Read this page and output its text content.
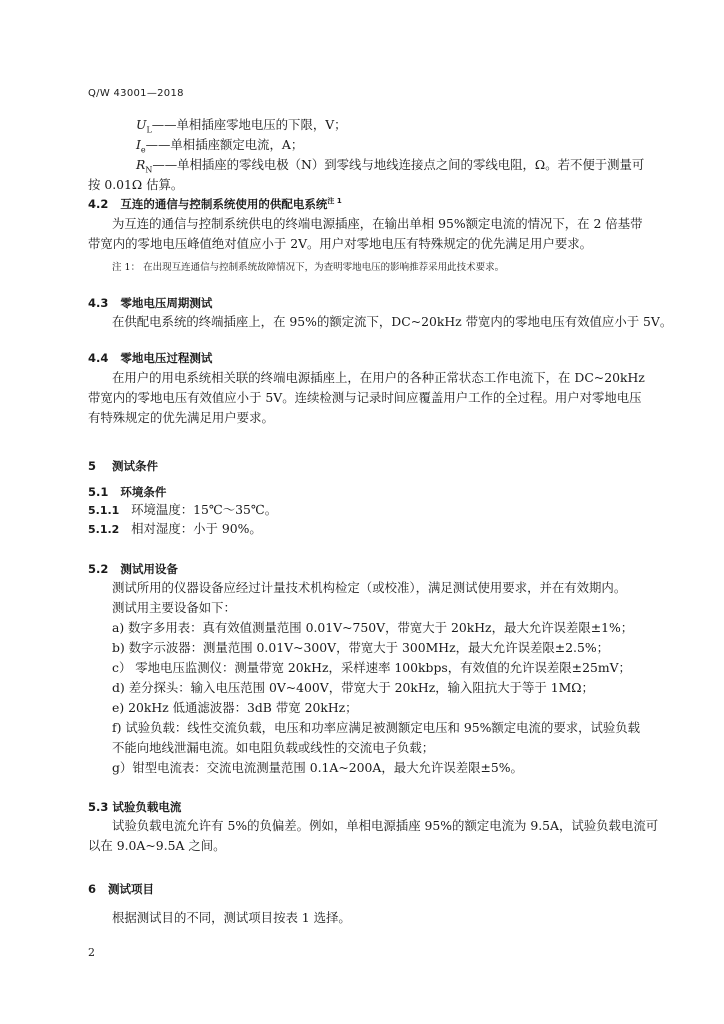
Q/W 43001—2018
$U_L——$单相插座零地电压的下限，V；
$I_e——$单相插座额定电流，A；
$R_N——$单相插座的零线电极（N）到零线与地线连接点之间的零线电阻，Ω。若不便于测量可
按 0.01Ω 估算。
4.2 互连的通信与控制系统使用的供配电系统$^{注 1}$
为互连的通信与控制系统供电的终端电源插座，在输出单相 95%额定电流的情况下，在 2 倍基带
带宽内的零地电压峰值绝对值应小于 2V。用户对零地电压有特殊规定的优先满足用户要求。
注 1： 在出现互连通信与控制系统故障情况下，为查明零地电压的影响推荐采用此技术要求。
4.3 零地电压周期测试
在供配电系统的终端插座上，在 95%的额定流下，DC~20kHz 带宽内的零地电压有效值应小于 5V。
4.4 零地电压过程测试
在用户的用电系统相关联的终端电源插座上，在用户的各种正常状态工作电流下，在 DC~20kHz
带宽内的零地电压有效值应小于 5V。连续检测与记录时间应覆盖用户工作的全过程。用户对零地电压
有特殊规定的优先满足用户要求。
5 测试条件
5.1 环境条件
5.1.1 环境温度：15℃～35℃。
5.1.2 相对湿度：小于 90%。
5.2 测试用设备
测试所用的仪器设备应经过计量技术机构检定（或校准），满足测试使用要求，并在有效期内。
测试用主要设备如下：
a) 数字多用表：真有效值测量范围 0.01V~750V，带宽大于 20kHz，最大允许误差限±1%；
b) 数字示波器：测量范围 0.01V~300V，带宽大于 300MHz，最大允许误差限±2.5%；
c） 零地电压监测仪：测量带宽 20kHz，采样速率 100kbps，有效值的允许误差限±25mV；
d) 差分探头：输入电压范围 0V~400V，带宽大于 20kHz，输入阻抗大于等于 1MΩ；
e) 20kHz 低通滤波器：3dB 带宽 20kHz；
f) 试验负载：线性交流负载，电压和功率应满足被测额定电压和 95%额定电流的要求，试验负载
不能向地线泄漏电流。如电阻负载或线性的交流电子负载；
g）钳型电流表：交流电流测量范围 0.1A~200A，最大允许误差限±5%。
5.3 试验负载电流
试验负载电流允许有 5%的负偏差。例如，单相电源插座 95%的额定电流为 9.5A，试验负载电流可
以在 9.0A~9.5A 之间。
6 测试项目
根据测试目的不同，测试项目按表 1 选择。
2
